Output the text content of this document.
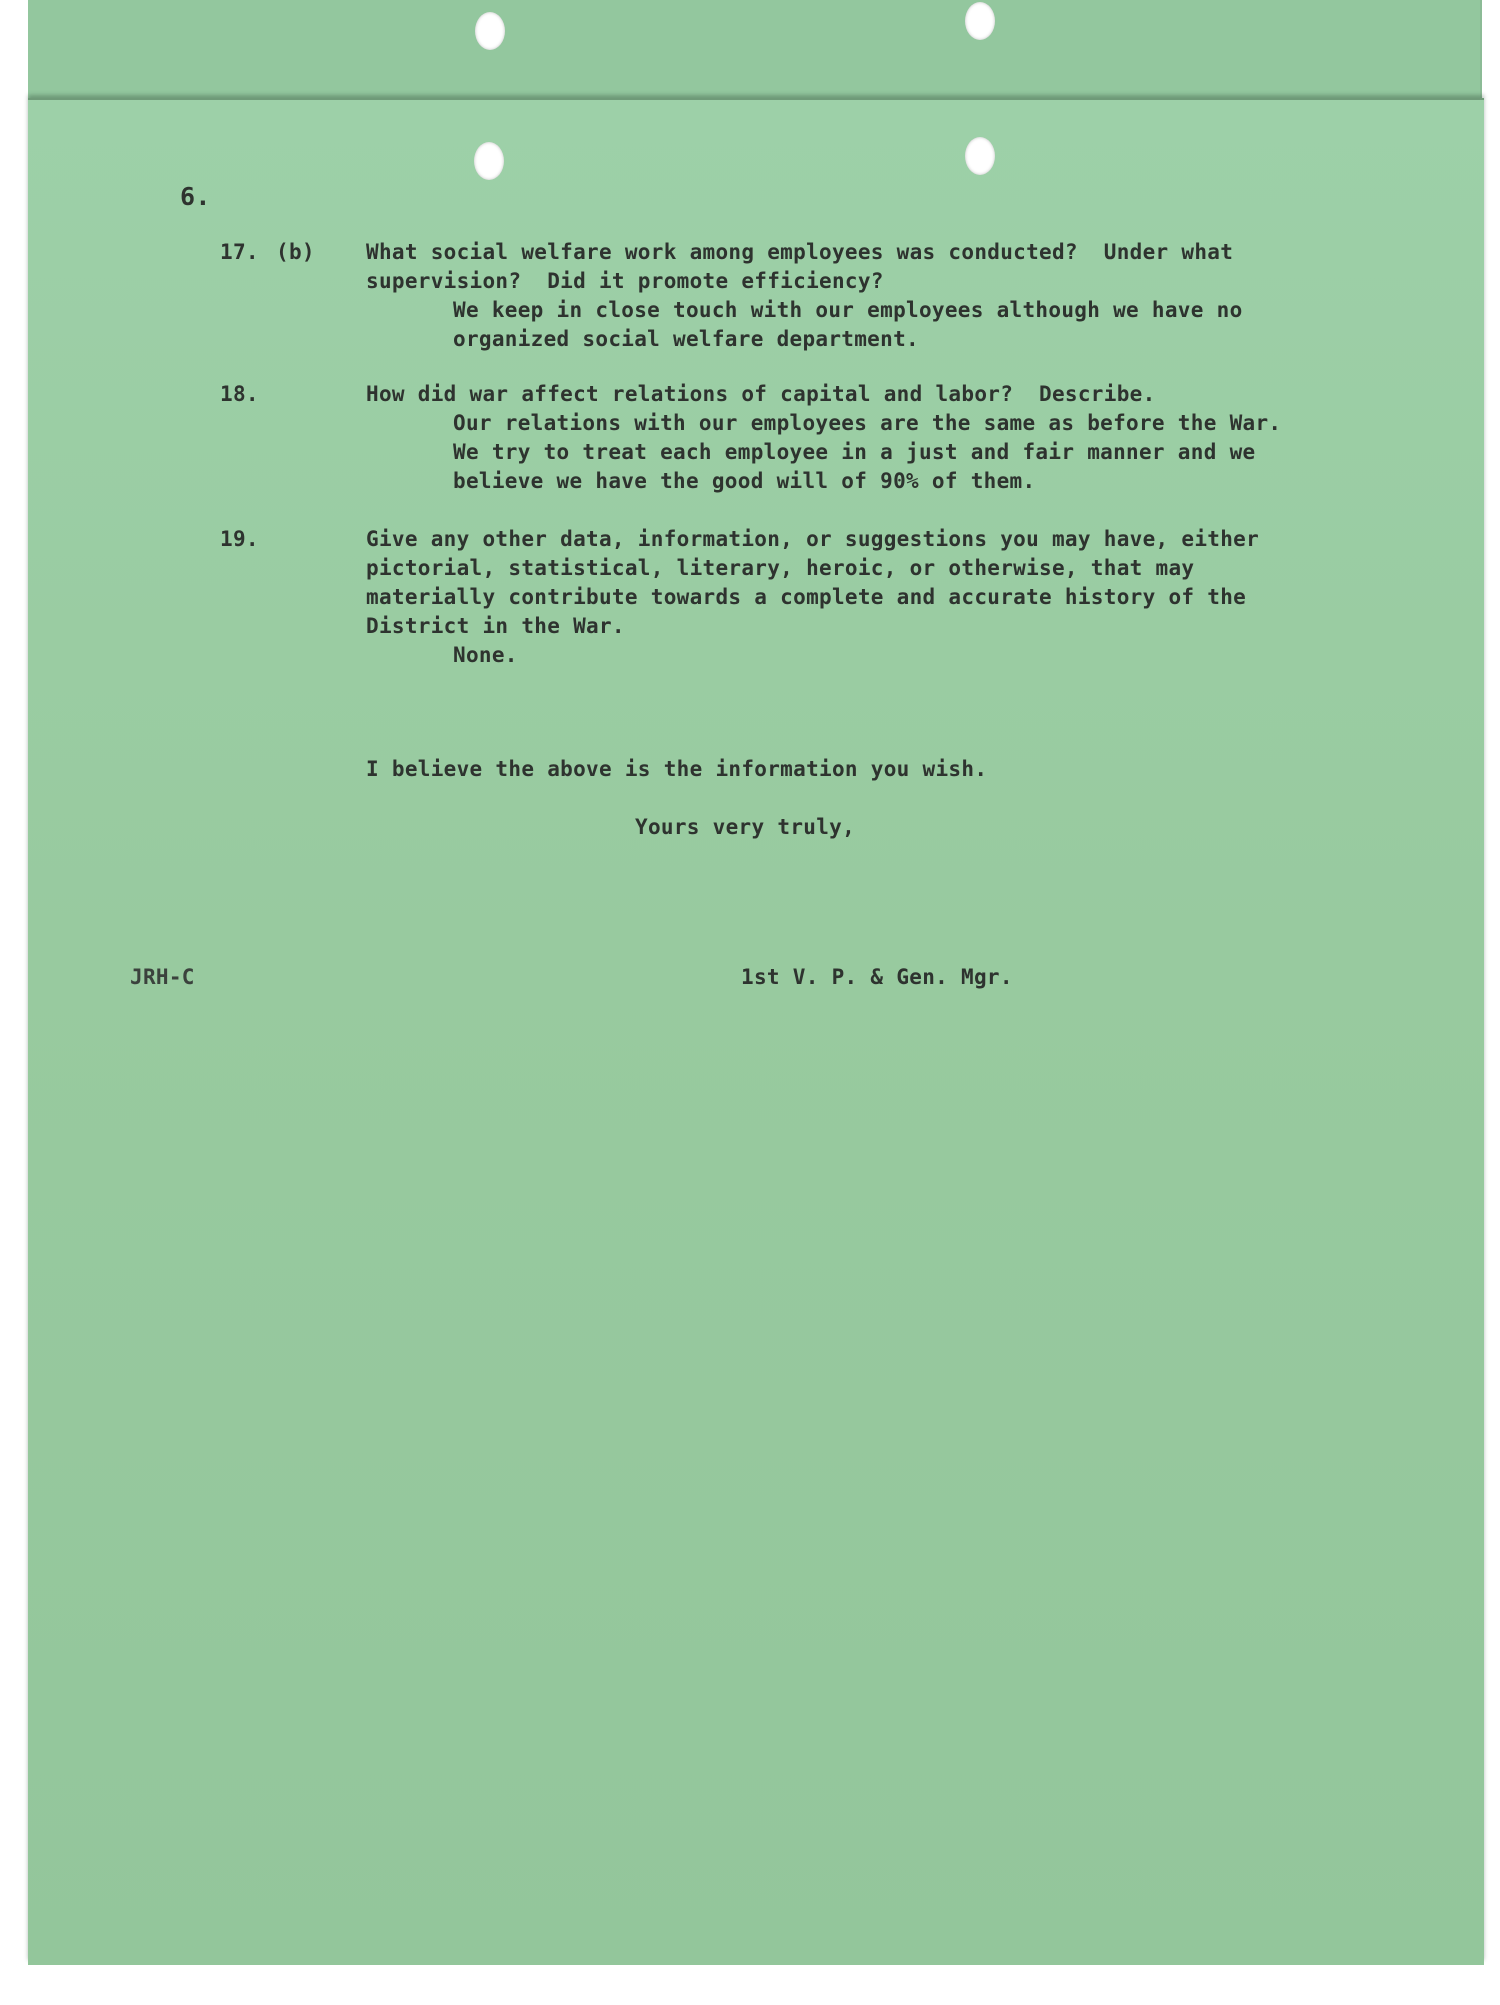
6.
17. (b) What social welfare work among employees was conducted?  Under what
supervision?  Did it promote efficiency?
We keep in close touch with our employees although we have no
organized social welfare department.
18.	How did war affect relations of capital and labor?  Describe.
Our relations with our employees are the same as before the War.
We try to treat each employee in a just and fair manner and we
believe we have the good will of 90% of them.
19.	Give any other data, information, or suggestions you may have, either
pictorial, statistical, literary, heroic, or otherwise, that may
materially contribute towards a complete and accurate history of the
District in the War.
None.
I believe the above is the information you wish.
Yours very truly,
JRH-C	1st V. P. & Gen. Mgr.
